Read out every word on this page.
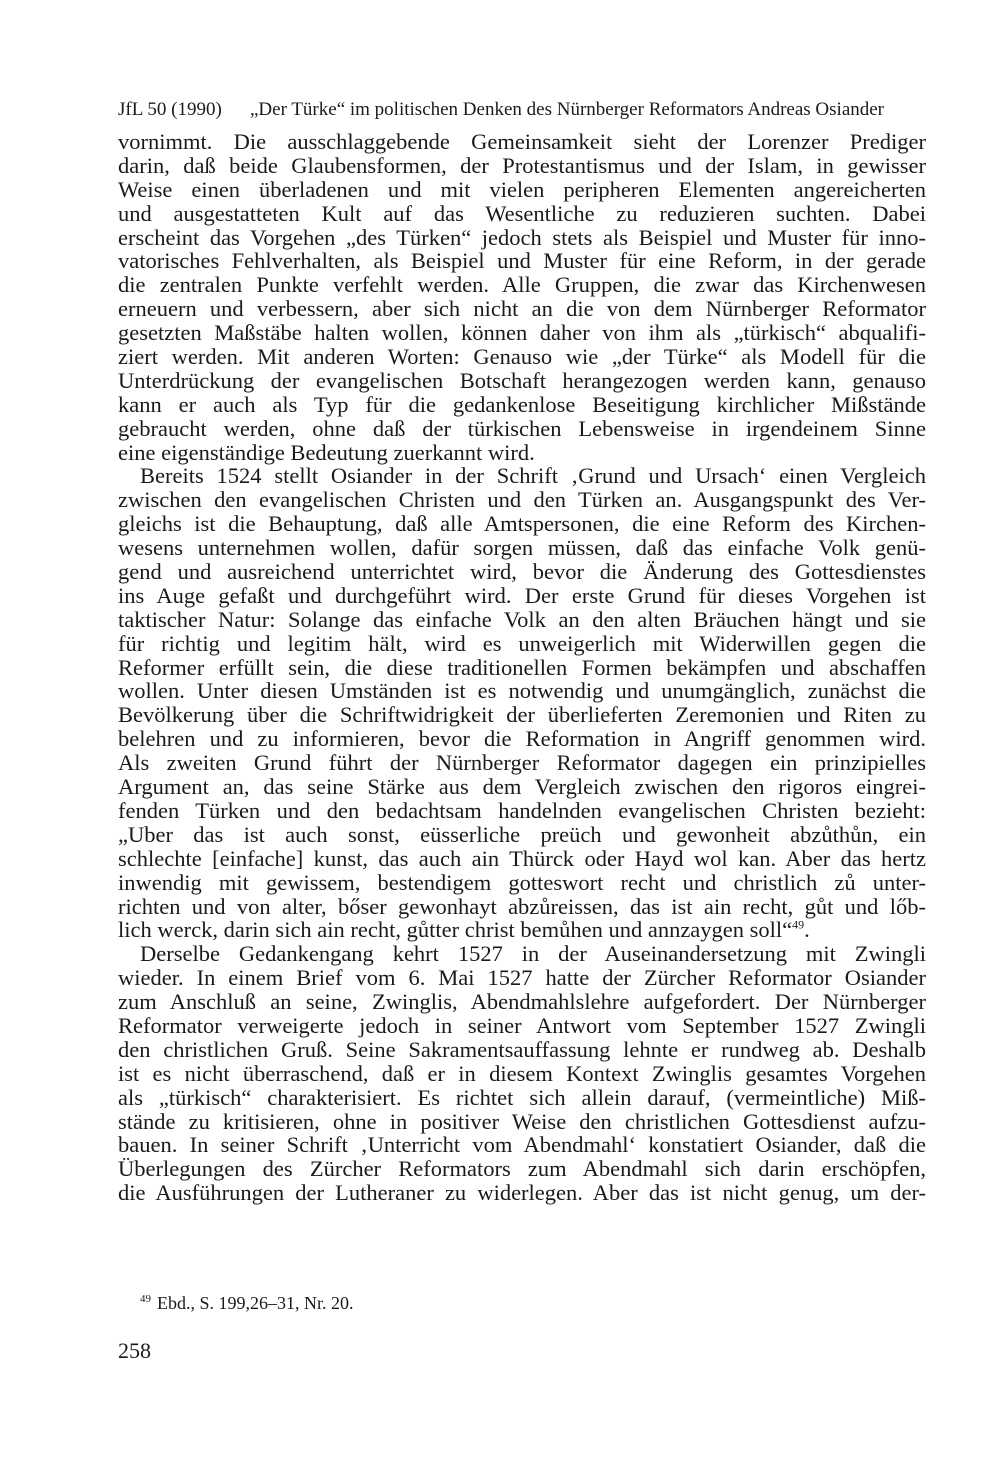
JfL 50 (1990) „Der Türke“ im politischen Denken des Nürnberger Reformators Andreas Osiander
vornimmt. Die ausschlaggebende Gemeinsamkeit sieht der Lorenzer Prediger
darin, daß beide Glaubensformen, der Protestantismus und der Islam, in gewisser
Weise einen überladenen und mit vielen peripheren Elementen angereicherten
und ausgestatteten Kult auf das Wesentliche zu reduzieren suchten. Dabei
erscheint das Vorgehen „des Türken“ jedoch stets als Beispiel und Muster für inno-
vatorisches Fehlverhalten, als Beispiel und Muster für eine Reform, in der gerade
die zentralen Punkte verfehlt werden. Alle Gruppen, die zwar das Kirchenwesen
erneuern und verbessern, aber sich nicht an die von dem Nürnberger Reformator
gesetzten Maßstäbe halten wollen, können daher von ihm als „türkisch“ abqualifi-
ziert werden. Mit anderen Worten: Genauso wie „der Türke“ als Modell für die
Unterdrückung der evangelischen Botschaft herangezogen werden kann, genauso
kann er auch als Typ für die gedankenlose Beseitigung kirchlicher Mißstände
gebraucht werden, ohne daß der türkischen Lebensweise in irgendeinem Sinne
eine eigenständige Bedeutung zuerkannt wird.
Bereits 1524 stellt Osiander in der Schrift ‚Grund und Ursach‘ einen Vergleich
zwischen den evangelischen Christen und den Türken an. Ausgangspunkt des Ver-
gleichs ist die Behauptung, daß alle Amtspersonen, die eine Reform des Kirchen-
wesens unternehmen wollen, dafür sorgen müssen, daß das einfache Volk genü-
gend und ausreichend unterrichtet wird, bevor die Änderung des Gottesdienstes
ins Auge gefaßt und durchgeführt wird. Der erste Grund für dieses Vorgehen ist
taktischer Natur: Solange das einfache Volk an den alten Bräuchen hängt und sie
für richtig und legitim hält, wird es unweigerlich mit Widerwillen gegen die
Reformer erfüllt sein, die diese traditionellen Formen bekämpfen und abschaffen
wollen. Unter diesen Umständen ist es notwendig und unumgänglich, zunächst die
Bevölkerung über die Schriftwidrigkeit der überlieferten Zeremonien und Riten zu
belehren und zu informieren, bevor die Reformation in Angriff genommen wird.
Als zweiten Grund führt der Nürnberger Reformator dagegen ein prinzipielles
Argument an, das seine Stärke aus dem Vergleich zwischen den rigoros eingrei-
fenden Türken und den bedachtsam handelnden evangelischen Christen bezieht:
„Uber das ist auch sonst, eüsserliche preüch und gewonheit abzůthůn, ein
schlechte [einfache] kunst, das auch ain Thürck oder Hayd wol kan. Aber das hertz
inwendig mit gewissem, bestendigem gotteswort recht und christlich zů unter-
richten und von alter, bőser gewonhayt abzůreissen, das ist ain recht, gůt und lőb-
lich werck, darin sich ain recht, gůtter christ bemůhen und annzaygen soll“$^{49}$.
Derselbe Gedankengang kehrt 1527 in der Auseinandersetzung mit Zwingli
wieder. In einem Brief vom 6. Mai 1527 hatte der Zürcher Reformator Osiander
zum Anschluß an seine, Zwinglis, Abendmahlslehre aufgefordert. Der Nürnberger
Reformator verweigerte jedoch in seiner Antwort vom September 1527 Zwingli
den christlichen Gruß. Seine Sakramentsauffassung lehnte er rundweg ab. Deshalb
ist es nicht überraschend, daß er in diesem Kontext Zwinglis gesamtes Vorgehen
als „türkisch“ charakterisiert. Es richtet sich allein darauf, (vermeintliche) Miß-
stände zu kritisieren, ohne in positiver Weise den christlichen Gottesdienst aufzu-
bauen. In seiner Schrift ‚Unterricht vom Abendmahl‘ konstatiert Osiander, daß die
Überlegungen des Zürcher Reformators zum Abendmahl sich darin erschöpfen,
die Ausführungen der Lutheraner zu widerlegen. Aber das ist nicht genug, um der-
$^{49}$ Ebd., S. 199,26–31, Nr. 20.
258
